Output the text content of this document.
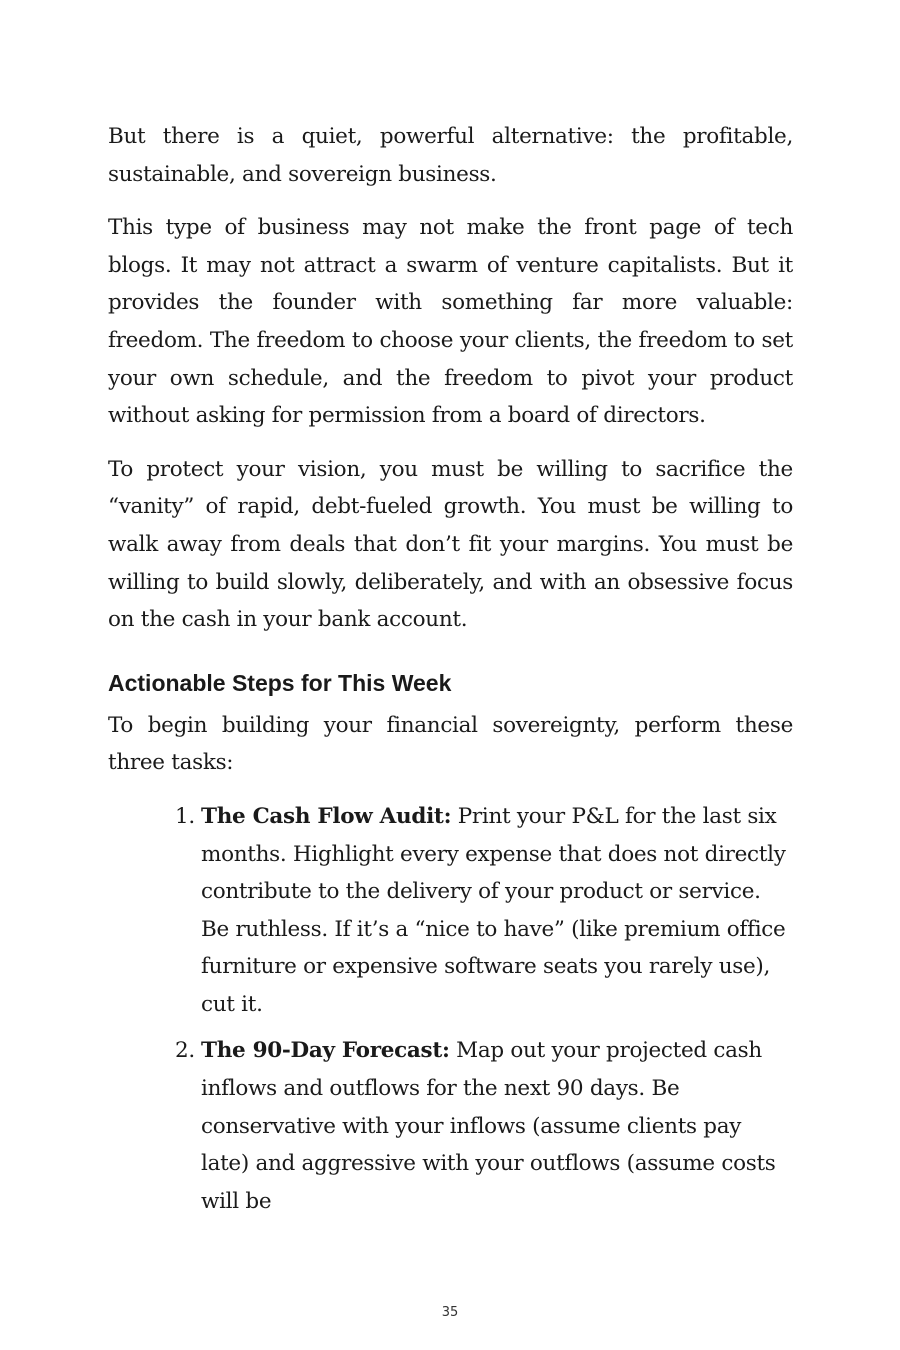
But there is a quiet, powerful alternative: the profitable, sustainable, and sovereign business.

This type of business may not make the front page of tech blogs. It may not attract a swarm of venture capitalists. But it provides the founder with something far more valuable: freedom. The freedom to choose your clients, the freedom to set your own schedule, and the freedom to pivot your product without asking for permission from a board of directors.

To protect your vision, you must be willing to sacrifice the “vanity” of rapid, debt-fueled growth. You must be willing to walk away from deals that don’t fit your margins. You must be willing to build slowly, deliberately, and with an obsessive focus on the cash in your bank account.

Actionable Steps for This Week

To begin building your financial sovereignty, perform these three tasks:

1. The Cash Flow Audit: Print your P&L for the last six months. Highlight every expense that does not directly contribute to the delivery of your product or service. Be ruthless. If it’s a “nice to have” (like premium office furniture or expensive software seats you rarely use), cut it.
2. The 90-Day Forecast: Map out your projected cash inflows and outflows for the next 90 days. Be conservative with your inflows (assume clients pay late) and aggressive with your outflows (assume costs will be
35
